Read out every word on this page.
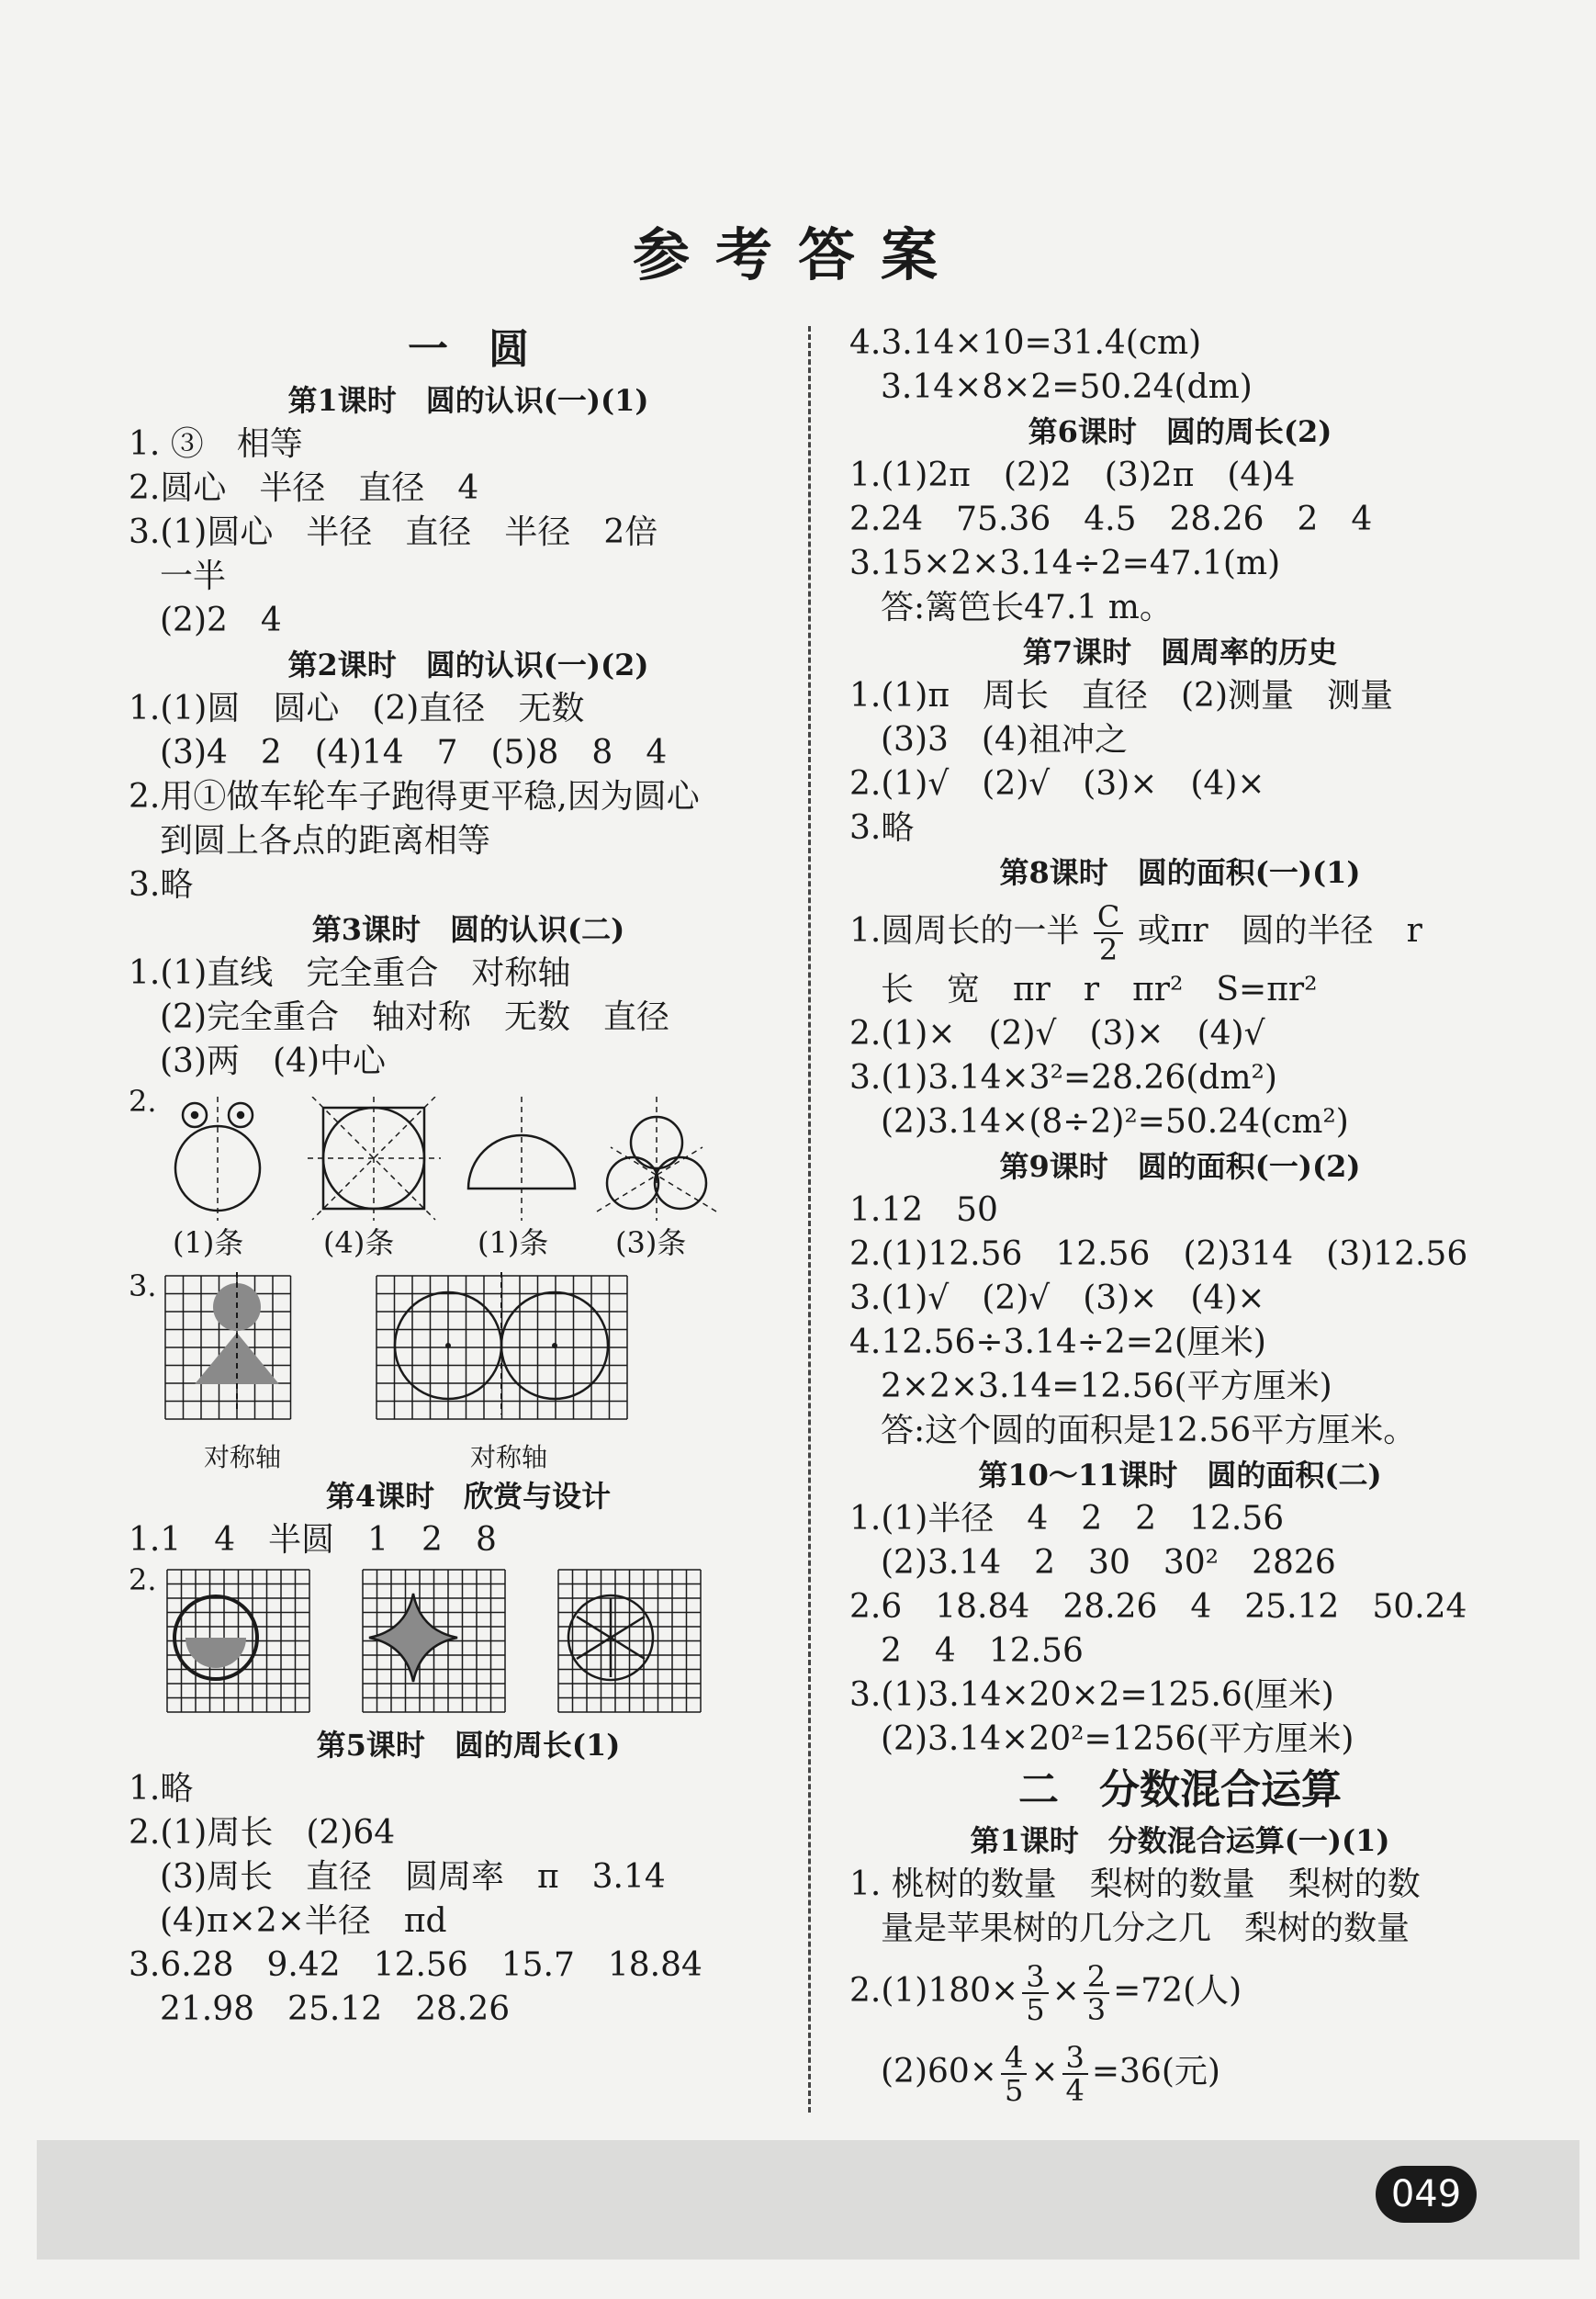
参考答案
一　圆
第1课时　圆的认识(一)(1)
1. ③　相等
2.圆心　半径　直径　4
3.(1)圆心　半径　直径　半径　2倍
一半
(2)2　4
第2课时　圆的认识(一)(2)
1.(1)圆　圆心　(2)直径　无数
(3)4　2　(4)14　7　(5)8　8　4
2.用①做车轮车子跑得更平稳,因为圆心
到圆上各点的距离相等
3.略
第3课时　圆的认识(二)
1.(1)直线　完全重合　对称轴
(2)完全重合　轴对称　无数　直径
(3)两　(4)中心
2.
(1)条	(4)条	(1)条 (3)条
3.
对称轴	对称轴
第4课时　欣赏与设计
1.1　4　半圆　1　2　8
2.
第5课时　圆的周长(1)
1.略
2.(1)周长　(2)64
(3)周长　直径　圆周率　π　3.14
(4)π×2×半径　πd
3.6.28　9.42　12.56　15.7　18.84
21.98　25.12　28.26
4.3.14×10=31.4(cm)
3.14×8×2=50.24(dm)
第6课时　圆的周长(2)
1.(1)2π　(2)2　(3)2π　(4)4
2.24　75.36　4.5　28.26　2　4
3.15×2×3.14÷2=47.1(m)
答:篱笆长47.1 m。
第7课时　圆周率的历史
1.(1)π　周长　直径　(2)测量　测量
(3)3　(4)祖冲之
2.(1)√　(2)√　(3)×　(4)×
3.略
第8课时　圆的面积(一)(1)
1.圆周长的一半 $\frac{C}{2}$ 或πr　圆的半径　r
长　宽　πr　r　πr²　S=πr²
2.(1)×　(2)√　(3)×　(4)√
3.(1)3.14×3²=28.26(dm²)
(2)3.14×(8÷2)²=50.24(cm²)
第9课时　圆的面积(一)(2)
1.12　50
2.(1)12.56　12.56　(2)314　(3)12.56
3.(1)√　(2)√　(3)×　(4)×
4.12.56÷3.14÷2=2(厘米)
2×2×3.14=12.56(平方厘米)
答:这个圆的面积是12.56平方厘米。
第10～11课时　圆的面积(二)
1.(1)半径　4　2　2　12.56
(2)3.14　2　30　30²　2826
2.6　18.84　28.26　4　25.12　50.24
2　4　12.56
3.(1)3.14×20×2=125.6(厘米)
(2)3.14×20²=1256(平方厘米)
二　分数混合运算
第1课时　分数混合运算(一)(1)
1. 桃树的数量　梨树的数量　梨树的数
量是苹果树的几分之几　梨树的数量
$2.(1)180\times \frac{3}{5} \times \frac{2}{3} =72$(人)
$(2)60\times \frac{4}{5} \times \frac{3}{4} =36$(元)
049
